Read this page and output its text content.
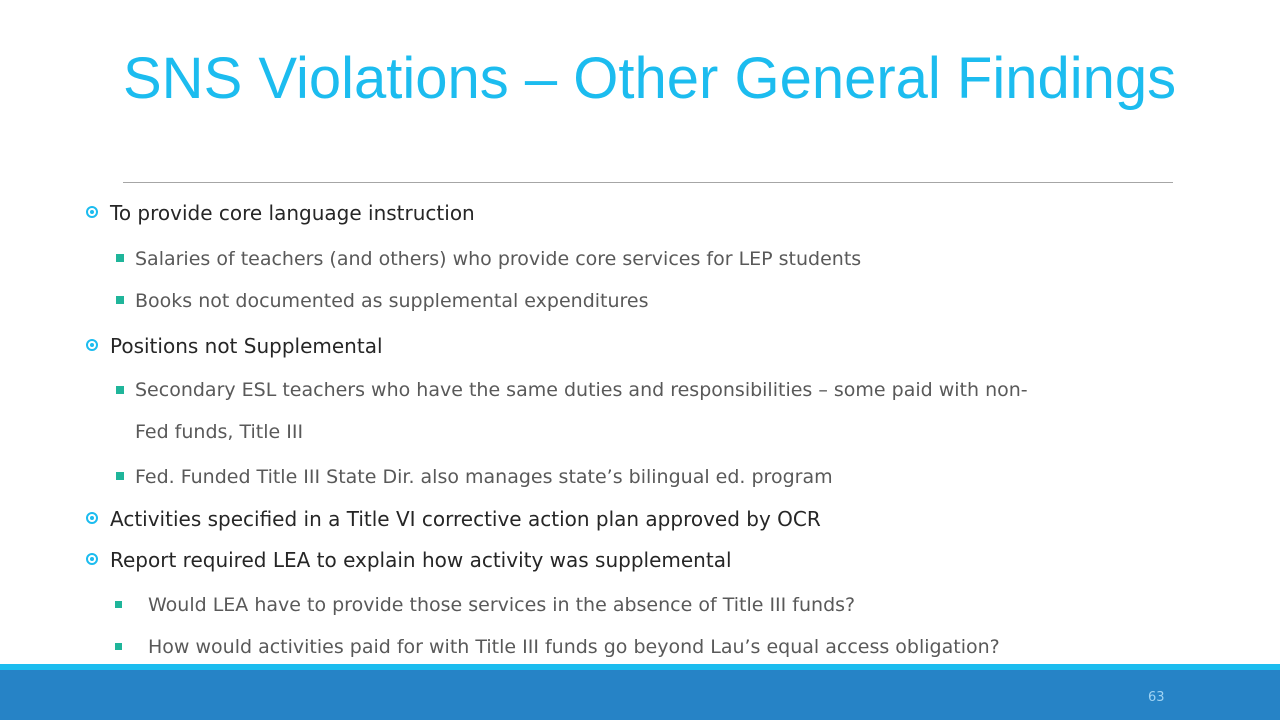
SNS Violations – Other General Findings
To provide core language instruction
Salaries of teachers (and others) who provide core services for LEP students
Books not documented as supplemental expenditures
Positions not Supplemental
Secondary ESL teachers who have the same duties and responsibilities – some paid with non-
Fed funds, Title III
Fed. Funded Title III State Dir. also manages state’s bilingual ed. program
Activities specified in a Title VI corrective action plan approved by OCR
Report required LEA to explain how activity was supplemental
Would LEA have to provide those services in the absence of Title III funds?
How would activities paid for with Title III funds go beyond Lau’s equal access obligation?
63
